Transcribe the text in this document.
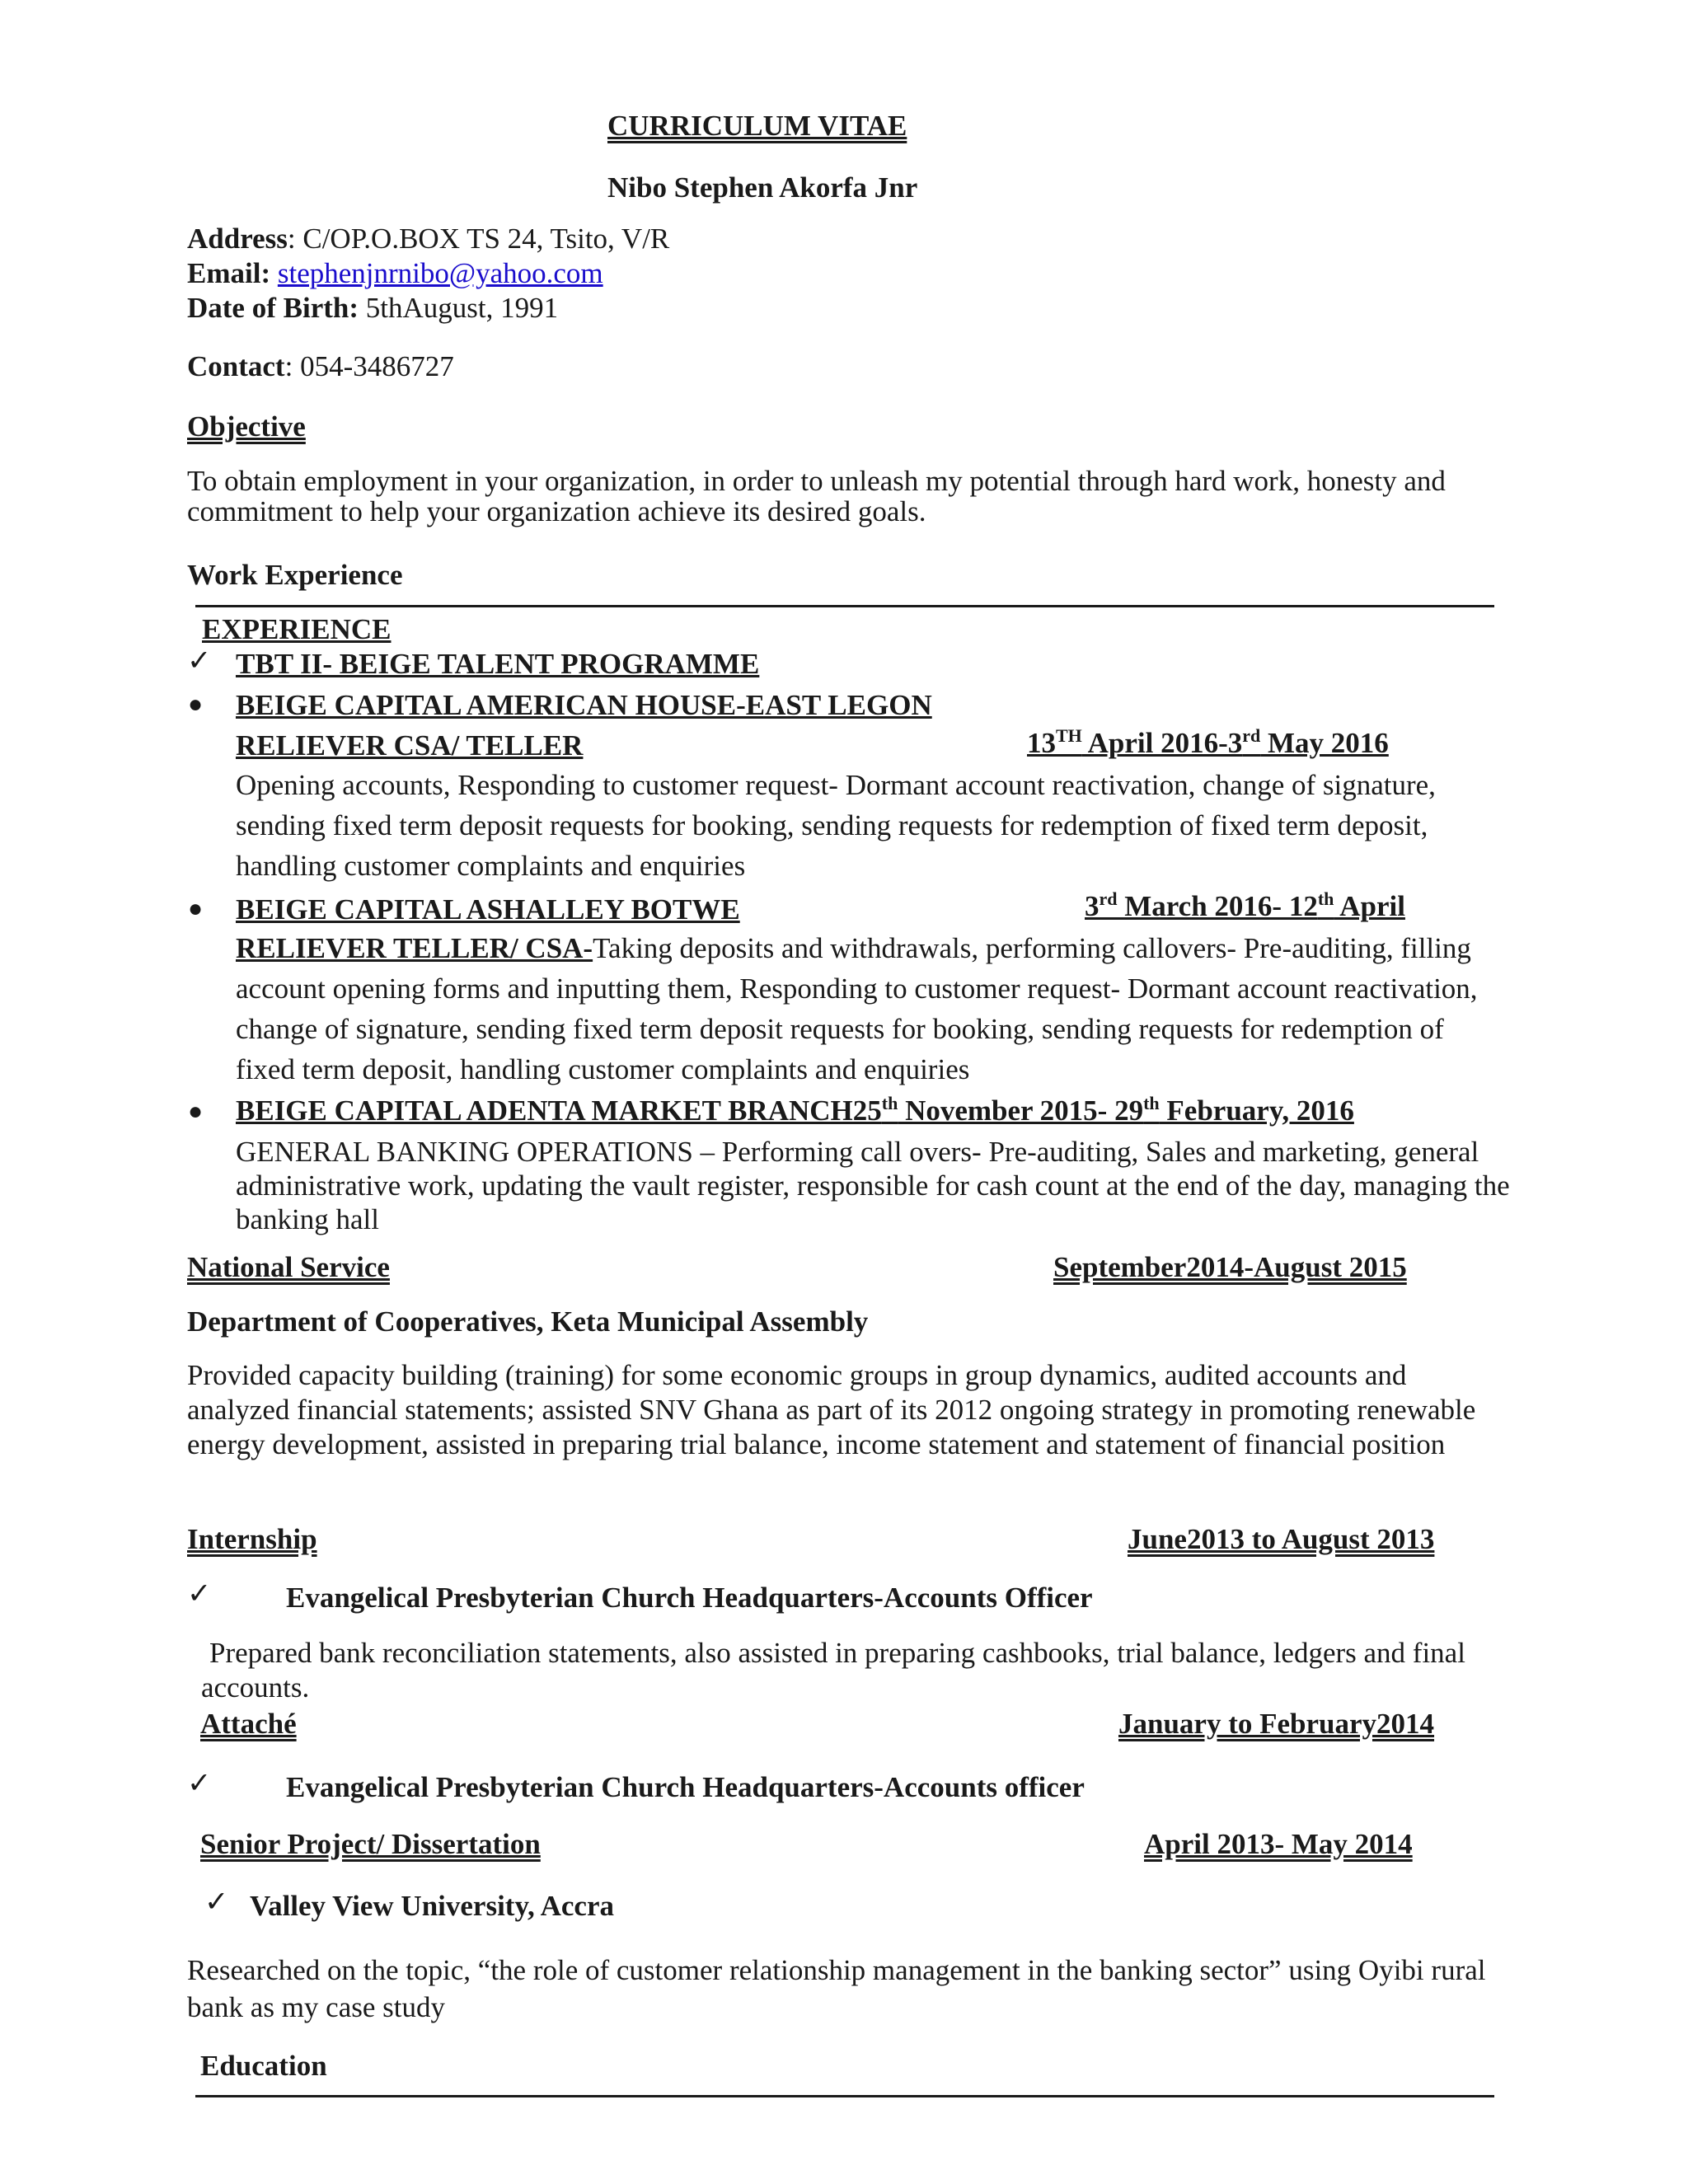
CURRICULUM VITAE
Nibo Stephen Akorfa Jnr
Address: C/OP.O.BOX TS 24, Tsito, V/R
Email: stephenjnrnibo@yahoo.com
Date of Birth: 5thAugust, 1991
Contact: 054-3486727
Objective
To obtain employment in your organization, in order to unleash my potential through hard work, honesty and commitment to help your organization achieve its desired goals.
Work Experience
EXPERIENCE
✓ TBT II- BEIGE TALENT PROGRAMME
● BEIGE CAPITAL AMERICAN HOUSE-EAST LEGON
RELIEVER CSA/ TELLER	13TH April 2016-3rd May 2016
Opening accounts, Responding to customer request- Dormant account reactivation, change of signature, sending fixed term deposit requests for booking, sending requests for redemption of fixed term deposit, handling customer complaints and enquiries
● BEIGE CAPITAL ASHALLEY BOTWE	3rd March 2016- 12th April
RELIEVER TELLER/ CSA-Taking deposits and withdrawals, performing callovers- Pre-auditing, filling account opening forms and inputting them, Responding to customer request- Dormant account reactivation, change of signature, sending fixed term deposit requests for booking, sending requests for redemption of fixed term deposit, handling customer complaints and enquiries
● BEIGE CAPITAL ADENTA MARKET BRANCH25th November 2015- 29th February, 2016
GENERAL BANKING OPERATIONS – Performing call overs- Pre-auditing, Sales and marketing, general administrative work, updating the vault register, responsible for cash count at the end of the day, managing the banking hall
National Service	September2014-August 2015
Department of Cooperatives, Keta Municipal Assembly
Provided capacity building (training) for some economic groups in group dynamics, audited accounts and analyzed financial statements; assisted SNV Ghana as part of its 2012 ongoing strategy in promoting renewable energy development, assisted in preparing trial balance, income statement and statement of financial position
Internship	June2013 to August 2013
✓	Evangelical Presbyterian Church Headquarters-Accounts Officer
Prepared bank reconciliation statements, also assisted in preparing cashbooks, trial balance, ledgers and final accounts.
Attaché	January to February2014
✓	Evangelical Presbyterian Church Headquarters-Accounts officer
Senior Project/ Dissertation	April 2013- May 2014
✓ Valley View University, Accra
Researched on the topic, “the role of customer relationship management in the banking sector” using Oyibi rural bank as my case study
Education
